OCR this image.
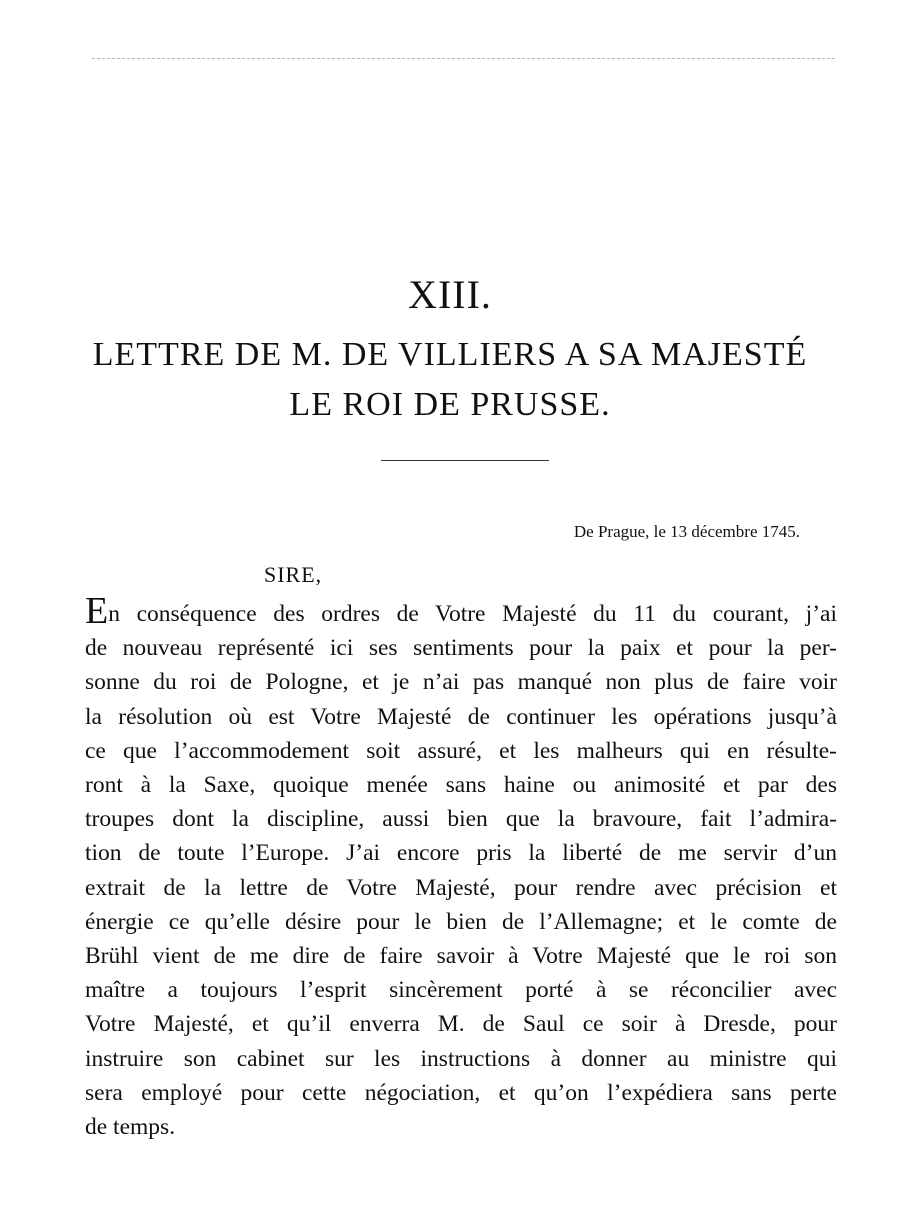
XIII.
LETTRE DE M. DE VILLIERS A SA MAJESTÉ
LE ROI DE PRUSSE.
De Prague, le 13 décembre 1745.
SIRE,
En conséquence des ordres de Votre Majesté du 11 du courant, j’ai
de nouveau représenté ici ses sentiments pour la paix et pour la per-
sonne du roi de Pologne, et je n’ai pas manqué non plus de faire voir
la résolution où est Votre Majesté de continuer les opérations jusqu’à
ce que l’accommodement soit assuré, et les malheurs qui en résulte-
ront à la Saxe, quoique menée sans haine ou animosité et par des
troupes dont la discipline, aussi bien que la bravoure, fait l’admira-
tion de toute l’Europe. J’ai encore pris la liberté de me servir d’un
extrait de la lettre de Votre Majesté, pour rendre avec précision et
énergie ce qu’elle désire pour le bien de l’Allemagne; et le comte de
Brühl vient de me dire de faire savoir à Votre Majesté que le roi son
maître a toujours l’esprit sincèrement porté à se réconcilier avec
Votre Majesté, et qu’il enverra M. de Saul ce soir à Dresde, pour
instruire son cabinet sur les instructions à donner au ministre qui
sera employé pour cette négociation, et qu’on l’expédiera sans perte
de temps.
